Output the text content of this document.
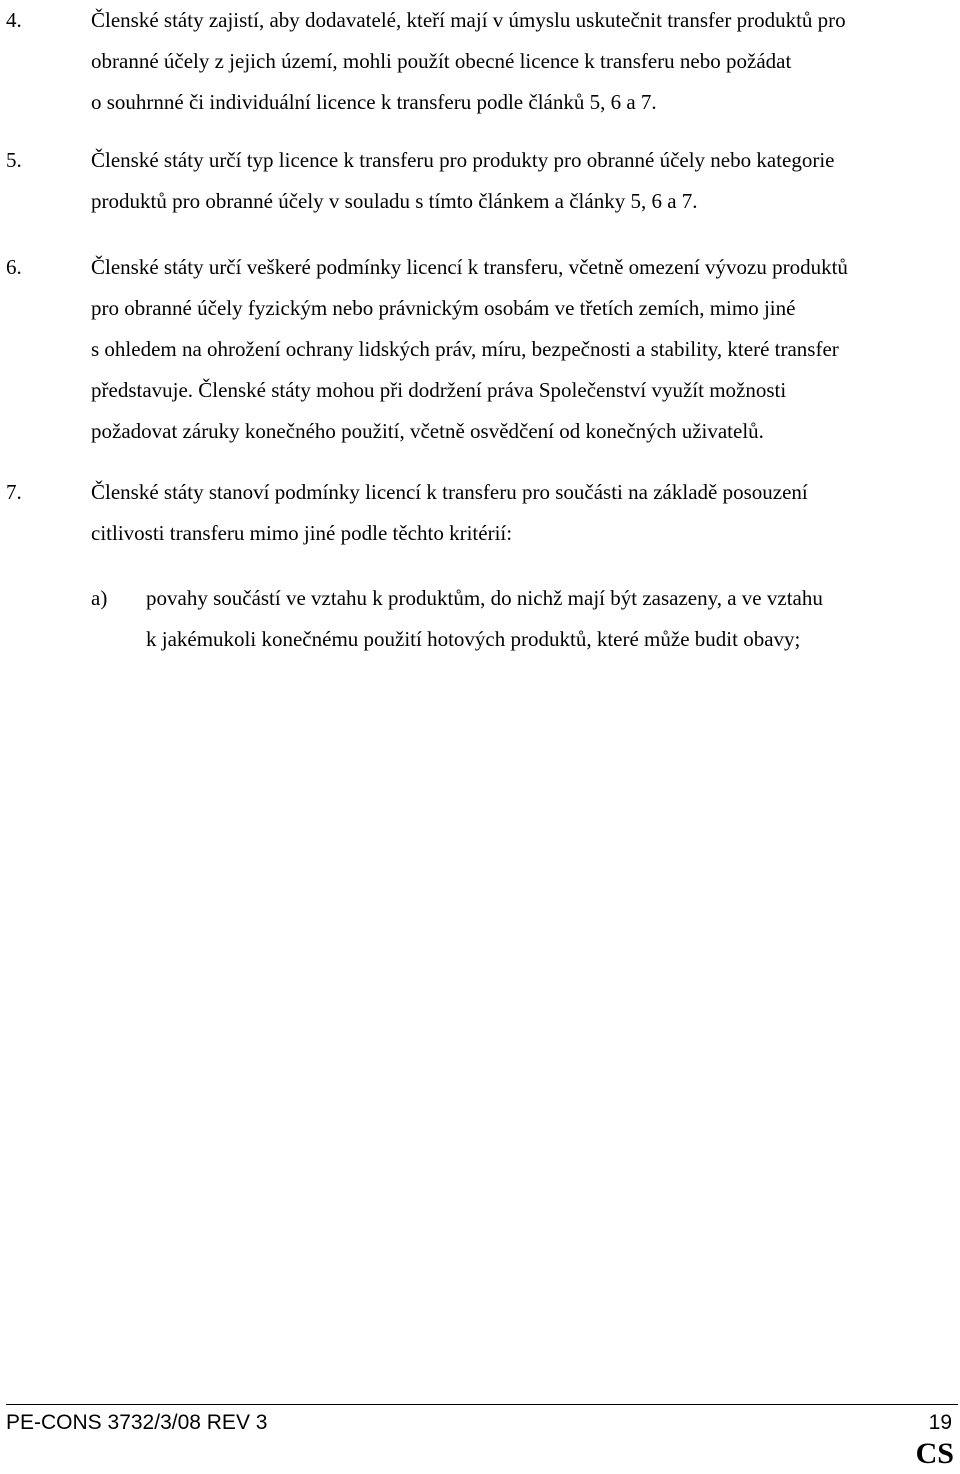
4.	Členské státy zajistí, aby dodavatelé, kteří mají v úmyslu uskutečnit transfer produktů pro
obranné účely z jejich území, mohli použít obecné licence k transferu nebo požádat
o souhrnné či individuální licence k transferu podle článků 5, 6 a 7.
5.	Členské státy určí typ licence k transferu pro produkty pro obranné účely nebo kategorie
produktů pro obranné účely v souladu s tímto článkem a články 5, 6 a 7.
6.	Členské státy určí veškeré podmínky licencí k transferu, včetně omezení vývozu produktů
pro obranné účely fyzickým nebo právnickým osobám ve třetích zemích, mimo jiné
s ohledem na ohrožení ochrany lidských práv, míru, bezpečnosti a stability, které transfer
představuje. Členské státy mohou při dodržení práva Společenství využít možnosti
požadovat záruky konečného použití, včetně osvědčení od konečných uživatelů.
7.	Členské státy stanoví podmínky licencí k transferu pro součásti na základě posouzení
citlivosti transferu mimo jiné podle těchto kritérií:
a) povahy součástí ve vztahu k produktům, do nichž mají být zasazeny, a ve vztahu
k jakémukoli konečnému použití hotových produktů, které může budit obavy;
PE-CONS 3732/3/08 REV 3	19
CS
